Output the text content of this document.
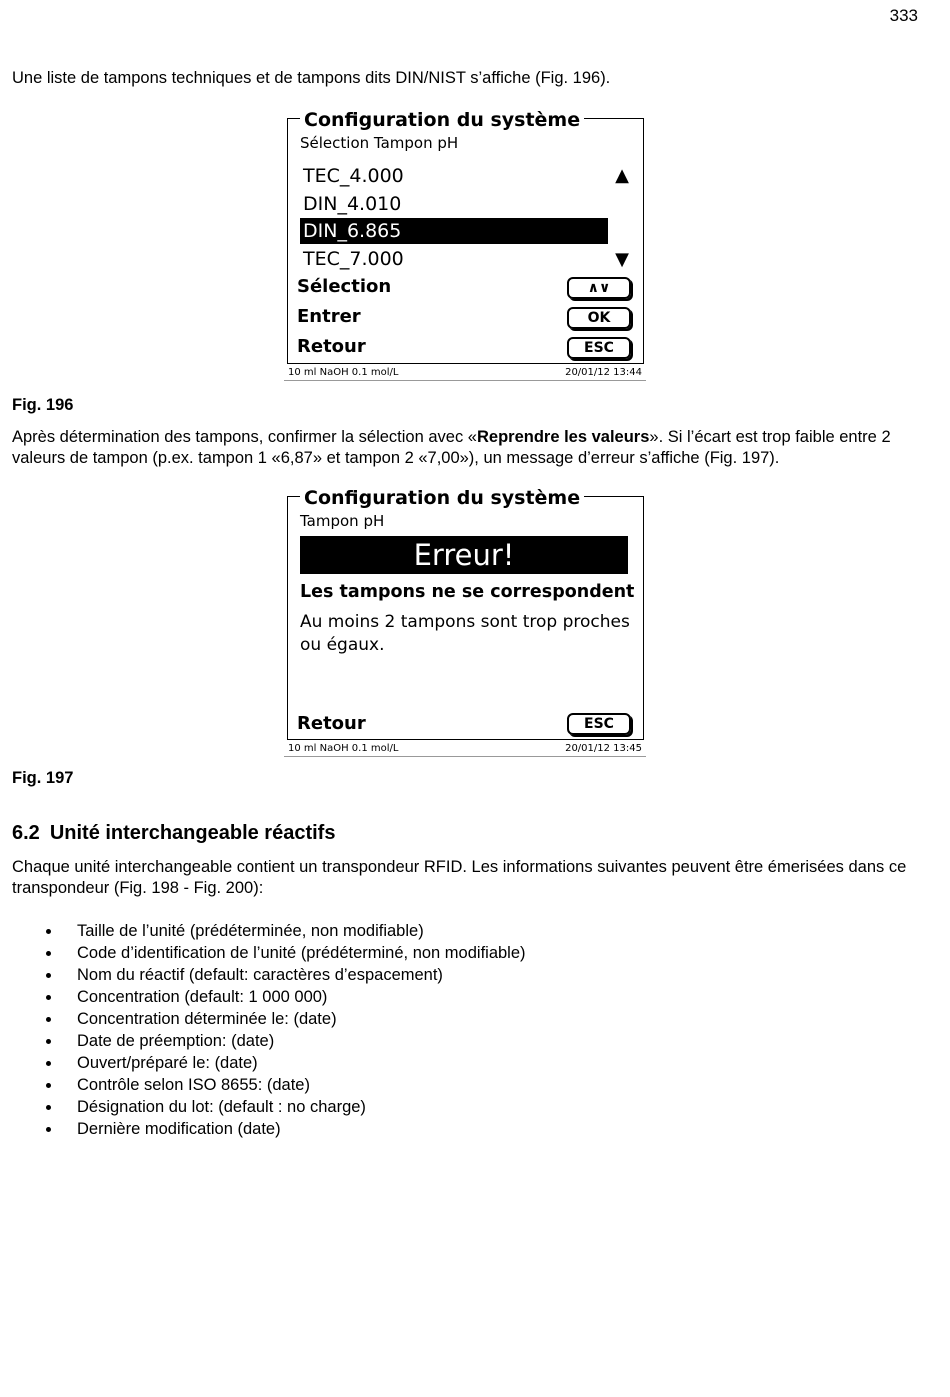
333
Une liste de tampons techniques et de tampons dits DIN/NIST s’affiche (Fig. 196).
Configuration du système
Sélection Tampon pH
TEC_4.000
DIN_4.010
DIN_6.865
TEC_7.000
▲
▼
Sélection	∧∨
Entrer	OK
Retour	ESC
10 ml NaOH 0.1 mol/L	20/01/12 13:44
Fig. 196
Après détermination des tampons, confirmer la sélection avec «Reprendre les valeurs». Si l’écart est trop faible entre 2 valeurs de tampon (p.ex. tampon 1 «6,87» et tampon 2 «7,00»), un message d’erreur s’affiche (Fig. 197).
Configuration du système
Tampon pH
Erreur!
Les tampons ne se correspondent
Au moins 2 tampons sont trop proches ou égaux.
Retour	ESC
10 ml NaOH 0.1 mol/L	20/01/12 13:45
Fig. 197
6.2 Unité interchangeable réactifs
Chaque unité interchangeable contient un transpondeur RFID. Les informations suivantes peuvent être émerisées dans ce transpondeur (Fig. 198 - Fig. 200):
Taille de l’unité (prédéterminée, non modifiable)
Code d’identification de l’unité (prédéterminé, non modifiable)
Nom du réactif (default: caractères d’espacement)
Concentration (default: 1 000 000)
Concentration déterminée le: (date)
Date de préemption: (date)
Ouvert/préparé le: (date)
Contrôle selon ISO 8655: (date)
Désignation du lot: (default : no charge)
Dernière modification (date)
